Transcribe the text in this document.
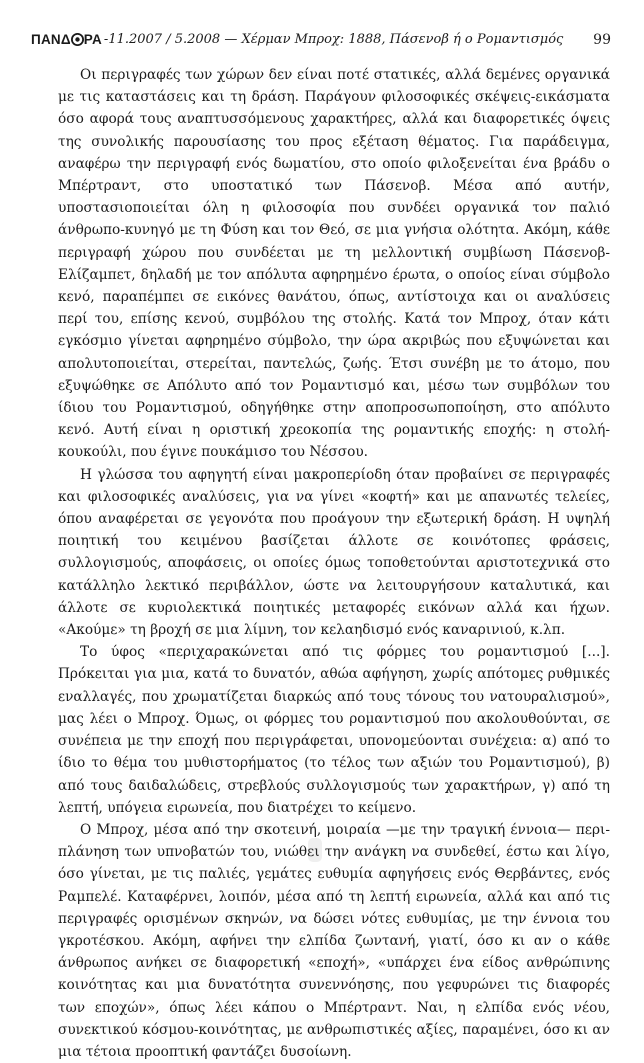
ΠΑΝΔ ΡΑ -11.2007 / 5.2008 — Χέρμαν Μπροχ: 1888, Πάσενοβ ή ο Ρομαντισμός 99

Οι περιγραφές των χώρων δεν είναι ποτέ στατικές, αλλά δεμένες οργανικά με τις καταστάσεις και τη δράση. Παράγουν φιλοσοφικές σκέψεις-εικάσματα όσο αφορά τους αναπτυσσόμενους χαρακτήρες, αλλά και διαφορετικές όψεις της συνολικής παρουσίασης του προς εξέταση θέματος. Για παράδειγμα, αναφέρω την περιγραφή ενός δωματίου, στο οποίο φιλοξενείται ένα βράδυ ο Μπέρτραντ, στο υποστατικό των Πάσενοβ. Μέσα από αυτήν, υποστασιοποιείται όλη η φιλοσοφία που συνδέει οργανικά τον παλιό άνθρωπο-κυνηγό με τη Φύση και τον Θεό, σε μια γνήσια ολότητα. Ακόμη, κάθε περιγραφή χώρου που συνδέεται με τη μελλοντική συμβίωση Πάσενοβ-Ελίζαμπετ, δηλαδή με τον απόλυτα αφηρημένο έρωτα, ο οποίος είναι σύμβολο κενό, παραπέμπει σε εικόνες θανάτου, όπως, αντίστοιχα και οι αναλύσεις περί του, επίσης κενού, συμβόλου της στολής. Κατά τον Μπροχ, όταν κάτι εγκόσμιο γίνεται αφηρημένο σύμβολο, την ώρα ακριβώς που εξυψώνεται και απολυτοποιείται, στερείται, παντελώς, ζωής. Έτσι συνέβη με το άτομο, που εξυψώθηκε σε Απόλυτο από τον Ρομαντισμό και, μέσω των συμβόλων του ίδιου του Ρομαντισμού, οδηγήθηκε στην αποπροσωποποίηση, στο απόλυτο κενό. Αυτή είναι η οριστική χρεοκοπία της ρομαντικής εποχής: η στολή-κουκούλι, που έγινε πουκάμισο του Νέσσου.

Η γλώσσα του αφηγητή είναι μακροπερίοδη όταν προβαίνει σε περιγραφές και φιλοσοφικές αναλύσεις, για να γίνει «κοφτή» και με απανωτές τελείες, όπου αναφέρεται σε γεγονότα που προάγουν την εξωτερική δράση. Η υψηλή ποιητική του κειμένου βασίζεται άλλοτε σε κοινότοπες φράσεις, συλλογισμούς, αποφάσεις, οι οποίες όμως τοποθετούνται αριστοτεχνικά στο κατάλληλο λεκτικό περιβάλλον, ώστε να λειτουργήσουν καταλυτικά, και άλλοτε σε κυριολεκτικά ποιητικές μεταφορές εικόνων αλλά και ήχων. «Ακούμε» τη βροχή σε μια λίμνη, τον κελαηδισμό ενός καναρινιού, κ.λπ.

Το ύφος «περιχαρακώνεται από τις φόρμες του ρομαντισμού [...]. Πρόκειται για μια, κατά το δυνατόν, αθώα αφήγηση, χωρίς απότομες ρυθμικές εναλλαγές, που χρωματίζεται διαρκώς από τους τόνους του νατουραλισμού», μας λέει ο Μπροχ. Όμως, οι φόρμες του ρομαντισμού που ακολουθούνται, σε συνέπεια με την εποχή που περιγράφεται, υπονομεύονται συνέχεια: α) από το ίδιο το θέμα του μυθιστορήματος (το τέλος των αξιών του Ρομαντισμού), β) από τους δαιδαλώδεις, στρεβλούς συλλογισμούς των χαρακτήρων, γ) από τη λεπτή, υπόγεια ειρωνεία, που διατρέχει το κείμενο.

Ο Μπροχ, μέσα από την σκοτεινή, μοιραία —με την τραγική έννοια— περιπλάνηση των υπνοβατών του, νιώθει την ανάγκη να συνδεθεί, έστω και λίγο, όσο γίνεται, με τις παλιές, γεμάτες ευθυμία αφηγήσεις ενός Θερβάντες, ενός Ραμπελέ. Καταφέρνει, λοιπόν, μέσα από τη λεπτή ειρωνεία, αλλά και από τις περιγραφές ορισμένων σκηνών, να δώσει νότες ευθυμίας, με την έννοια του γκροτέσκου. Ακόμη, αφήνει την ελπίδα ζωντανή, γιατί, όσο κι αν ο κάθε άνθρωπος ανήκει σε διαφορετική «εποχή», «υπάρχει ένα είδος ανθρώπινης κοινότητας και μια δυνατότητα συνεννόησης, που γεφυρώνει τις διαφορές των εποχών», όπως λέει κάπου ο Μπέρτραντ. Ναι, η ελπίδα ενός νέου, συνεκτικού κόσμου-κοινότητας, με ανθρωπιστικές αξίες, παραμένει, όσο κι αν μια τέτοια προοπτική φαντάζει δυσοίωνη.
